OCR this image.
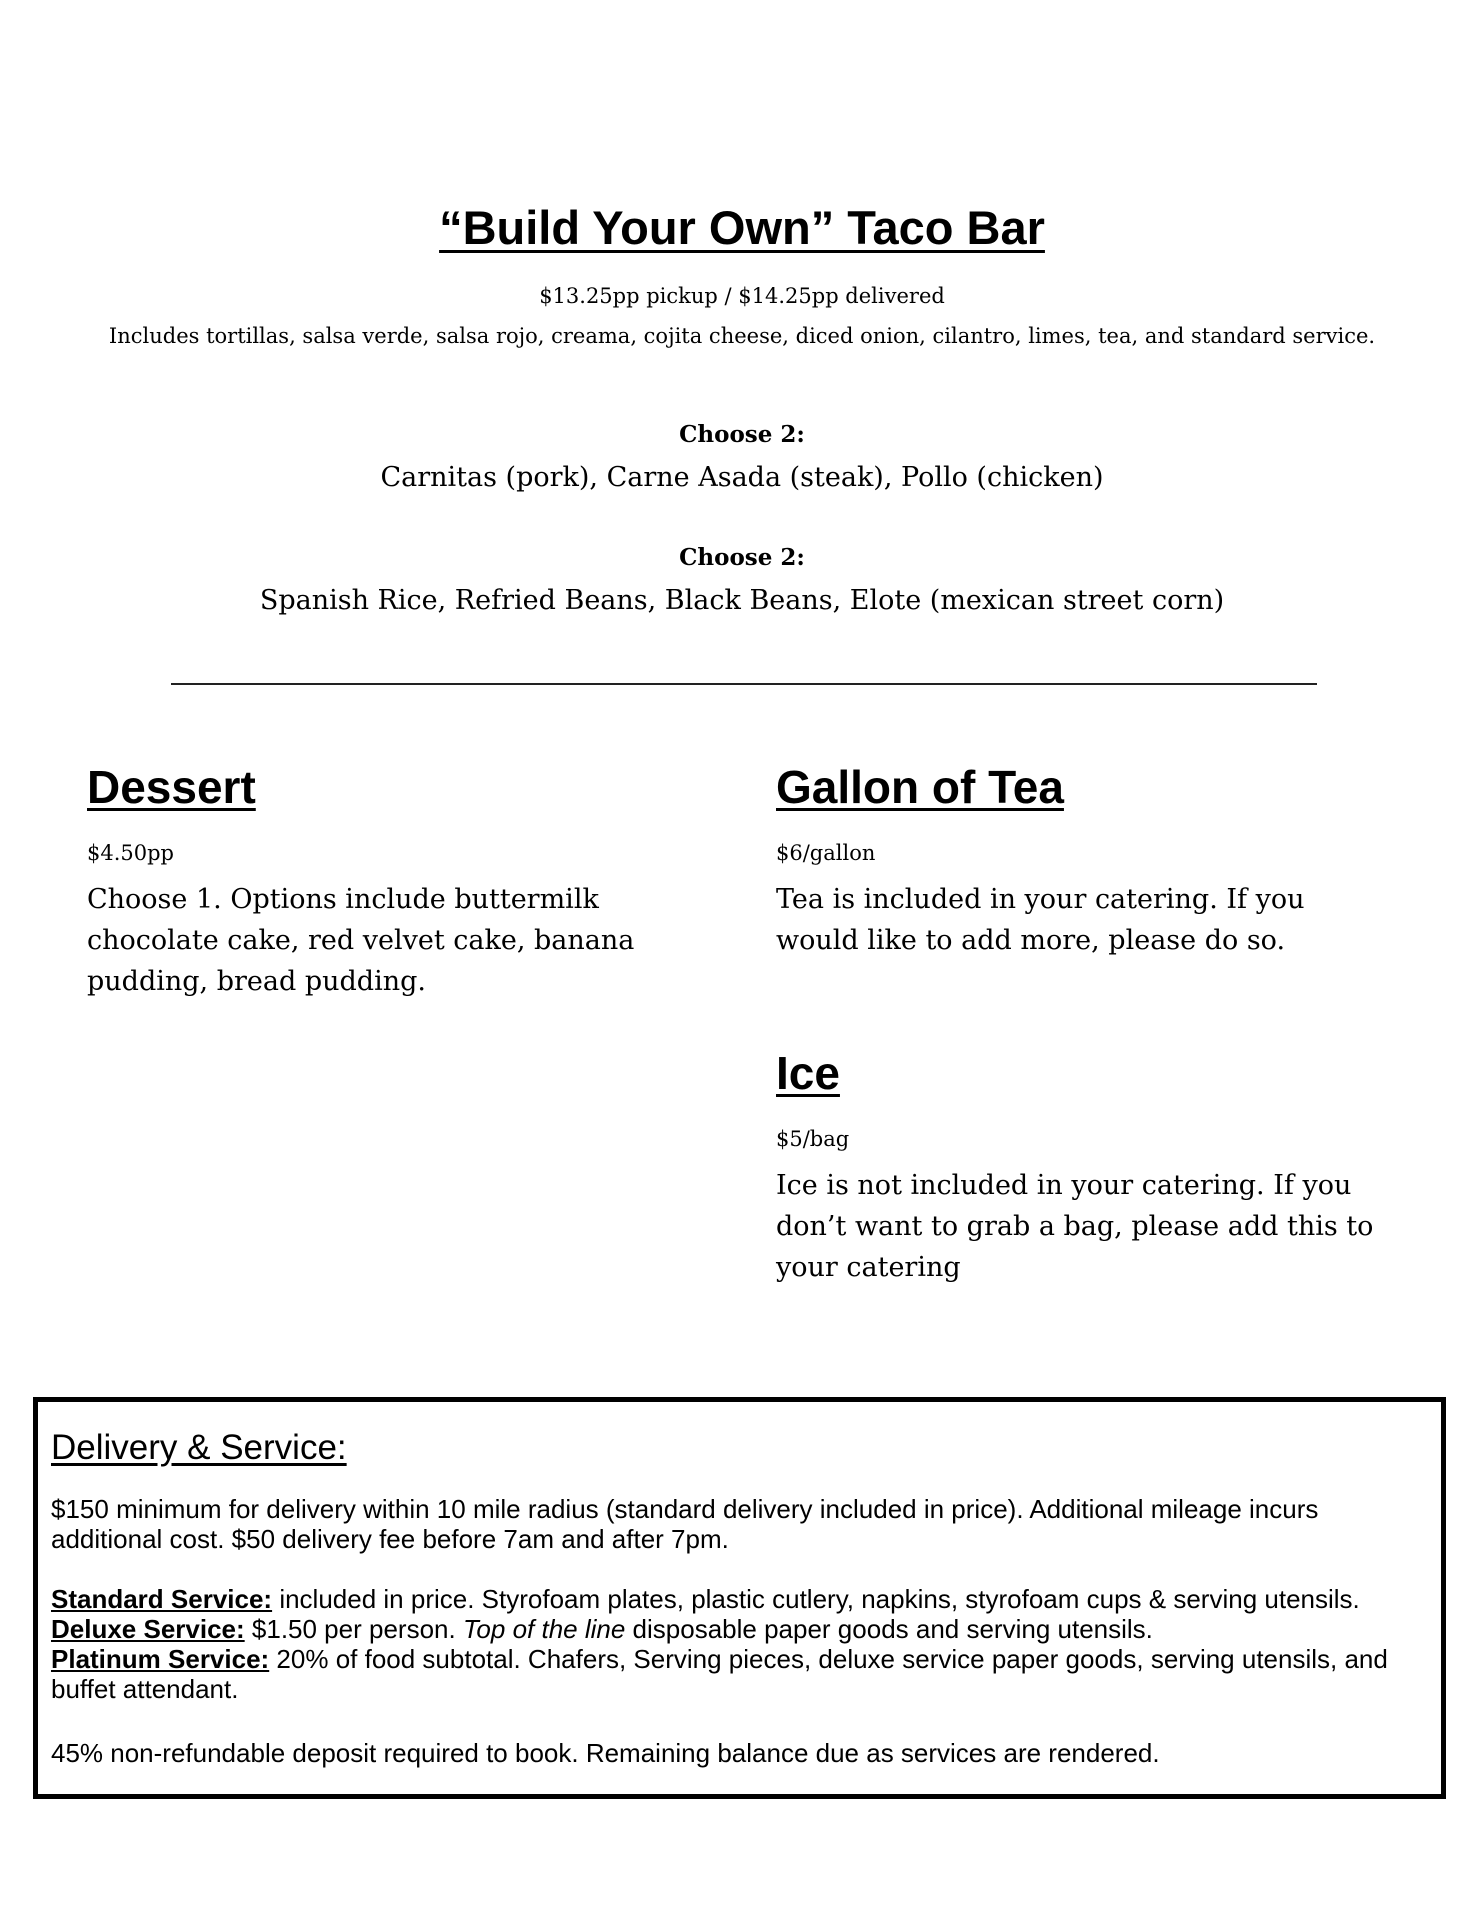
“Build Your Own” Taco Bar
$13.25pp pickup / $14.25pp delivered
Includes tortillas, salsa verde, salsa rojo, creama, cojita cheese, diced onion, cilantro, limes, tea, and standard service.
Choose 2:
Carnitas (pork), Carne Asada (steak), Pollo (chicken)
Choose 2:
Spanish Rice, Refried Beans, Black Beans, Elote (mexican street corn)
Dessert
$4.50pp
Choose 1. Options include buttermilk chocolate cake, red velvet cake, banana pudding, bread pudding.
Gallon of Tea
$6/gallon
Tea is included in your catering. If you would like to add more, please do so.
Ice
$5/bag
Ice is not included in your catering. If you don’t want to grab a bag, please add this to your catering
Delivery & Service:
$150 minimum for delivery within 10 mile radius (standard delivery included in price). Additional mileage incurs additional cost. $50 delivery fee before 7am and after 7pm.
Standard Service: included in price. Styrofoam plates, plastic cutlery, napkins, styrofoam cups & serving utensils.
Deluxe Service: $1.50 per person. Top of the line disposable paper goods and serving utensils.
Platinum Service: 20% of food subtotal. Chafers, Serving pieces, deluxe service paper goods, serving utensils, and buffet attendant.
45% non-refundable deposit required to book. Remaining balance due as services are rendered.
